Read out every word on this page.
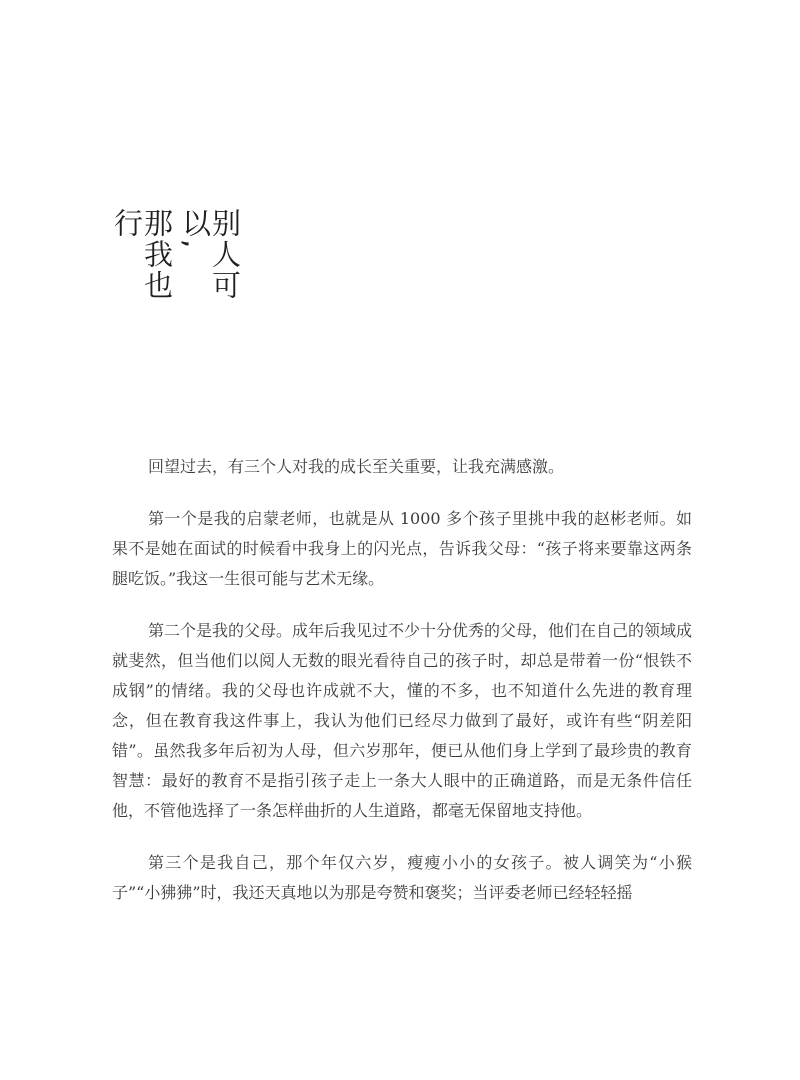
别人可以,
那我也行

回望过去，有三个人对我的成长至关重要，让我充满感激。

第一个是我的启蒙老师，也就是从 1000 多个孩子里挑中我的赵彬老师。如果不是她在面试的时候看中我身上的闪光点，告诉我父母：“孩子将来要靠这两条腿吃饭。”我这一生很可能与艺术无缘。

第二个是我的父母。成年后我见过不少十分优秀的父母，他们在自己的领域成就斐然，但当他们以阅人无数的眼光看待自己的孩子时，却总是带着一份“恨铁不成钢”的情绪。我的父母也许成就不大，懂的不多，也不知道什么先进的教育理念，但在教育我这件事上，我认为他们已经尽力做到了最好，或许有些“阴差阳错”。虽然我多年后初为人母，但六岁那年，便已从他们身上学到了最珍贵的教育智慧：最好的教育不是指引孩子走上一条大人眼中的正确道路，而是无条件信任他，不管他选择了一条怎样曲折的人生道路，都毫无保留地支持他。

第三个是我自己，那个年仅六岁，瘦瘦小小的女孩子。被人调笑为“小猴子”“小狒狒”时，我还天真地以为那是夸赞和褒奖；当评委老师已经轻轻摇
